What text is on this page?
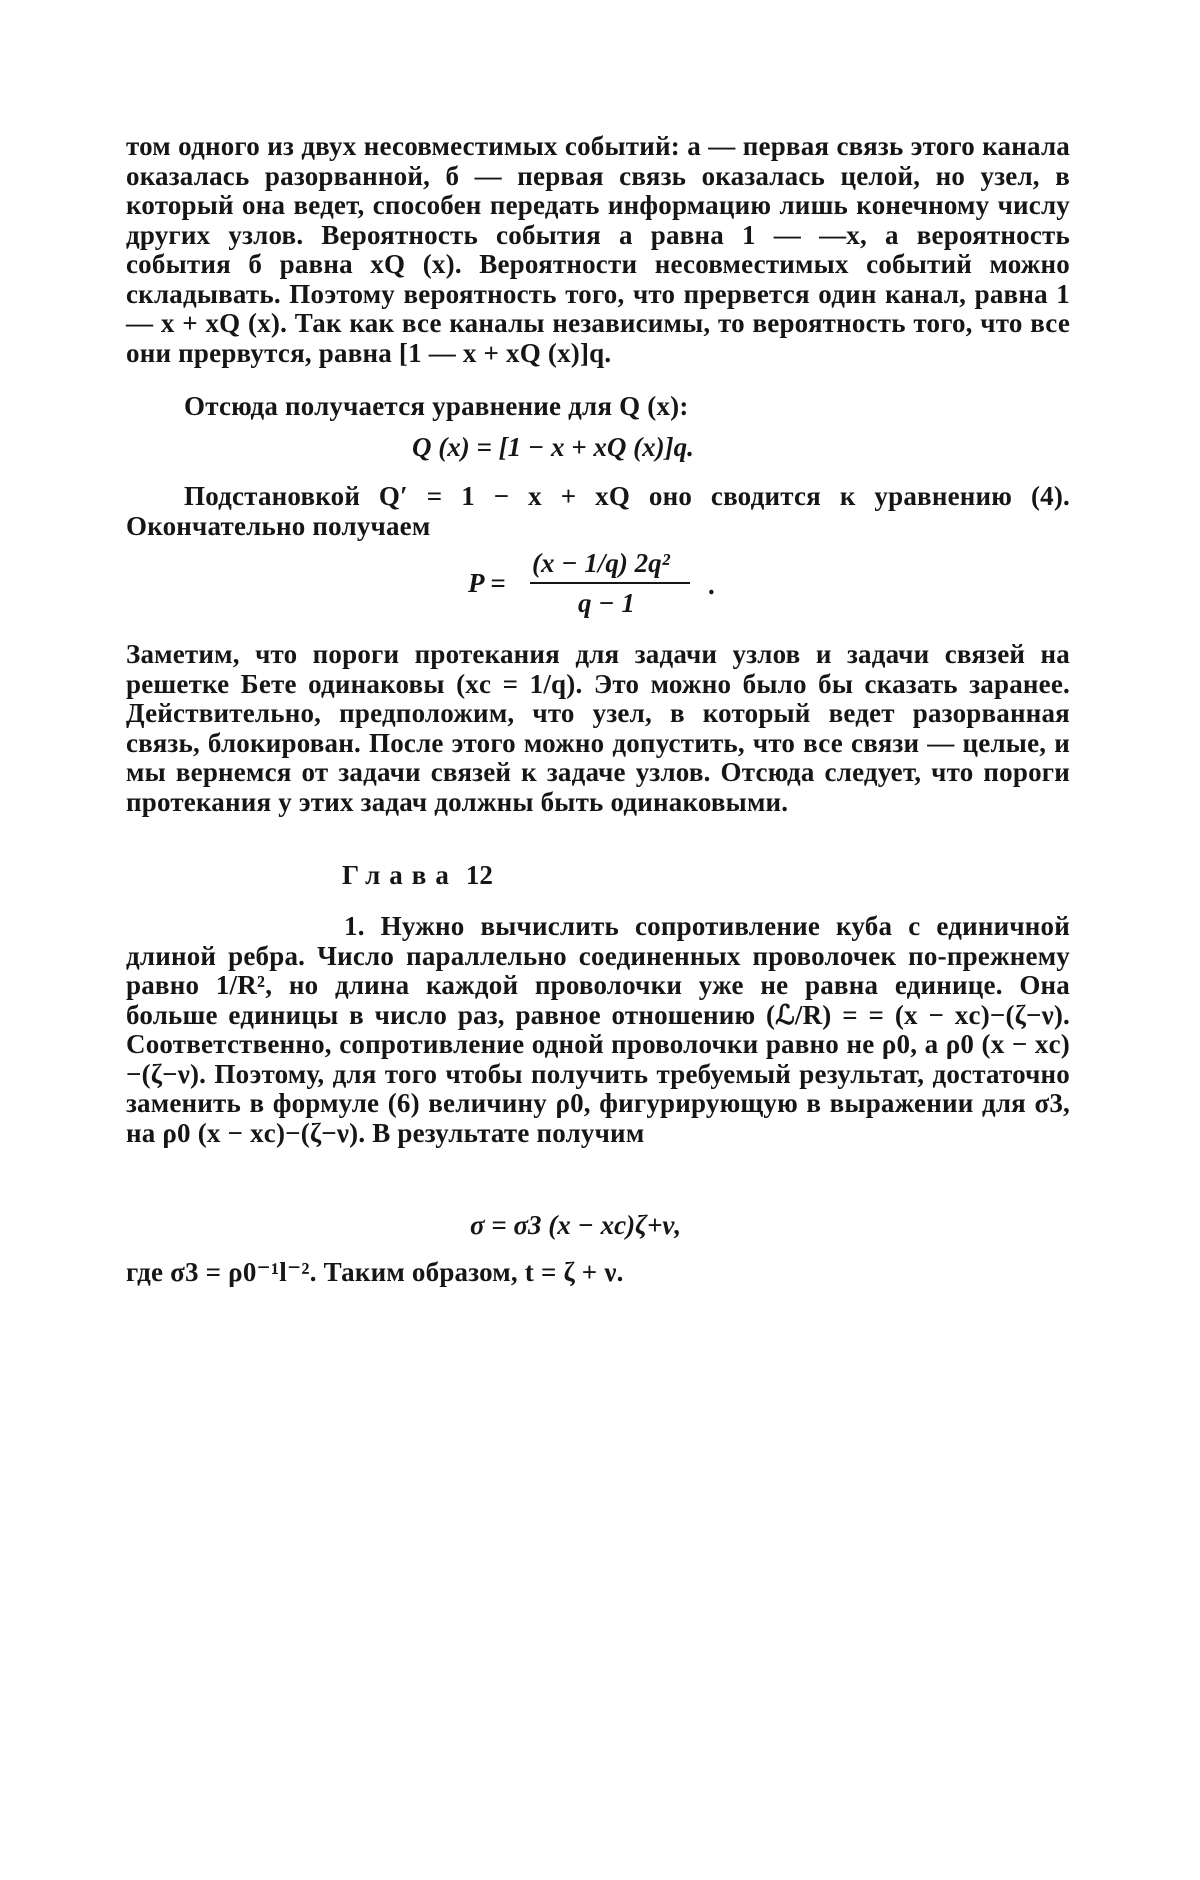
том одного из двух несовместимых событий: а — первая связь этого канала оказалась разорванной, б — первая связь оказалась целой, но узел, в который она ведет, способен передать информацию лишь конечному числу других узлов. Вероятность события а равна 1 — —x, а вероятность события б равна xQ (x). Вероятности несовместимых событий можно складывать. Поэтому вероятность того, что прервется один канал, равна 1 — x + xQ (x). Так как все каналы независимы, то вероятность того, что все они прервутся, равна [1 — x + xQ (x)]q.

Отсюда получается уравнение для Q (x):

Q (x) = [1 − x + xQ (x)]q.

Подстановкой Q′ = 1 − x + xQ оно сводится к уравнению (4). Окончательно получаем

P =
(x − 1/q) 2q²
q − 1
.

Заметим, что пороги протекания для задачи узлов и задачи связей на решетке Бете одинаковы (xc = 1/q). Это можно было бы сказать заранее. Действительно, предположим, что узел, в который ведет разорванная связь, блокирован. После этого можно допустить, что все связи — целые, и мы вернемся от задачи связей к задаче узлов. Отсюда следует, что пороги протекания у этих задач должны быть одинаковыми.

Глава 12

1. Нужно вычислить сопротивление куба с единичной длиной ребра. Число параллельно соединенных проволочек по-прежнему равно 1/R², но длина каждой проволочки уже не равна единице. Она больше единицы в число раз, равное отношению (ℒ/R) = = (x − xc)−(ζ−ν). Соответственно, сопротивление одной проволочки равно не ρ0, а ρ0 (x − xc)−(ζ−ν). Поэтому, для того чтобы получить требуемый результат, достаточно заменить в формуле (6) величину ρ0, фигурирующую в выражении для σ3, на ρ0 (x − xc)−(ζ−ν). В результате получим

σ = σ3 (x − xc)ζ+ν,

где σ3 = ρ0⁻¹l⁻². Таким образом, t = ζ + ν.
